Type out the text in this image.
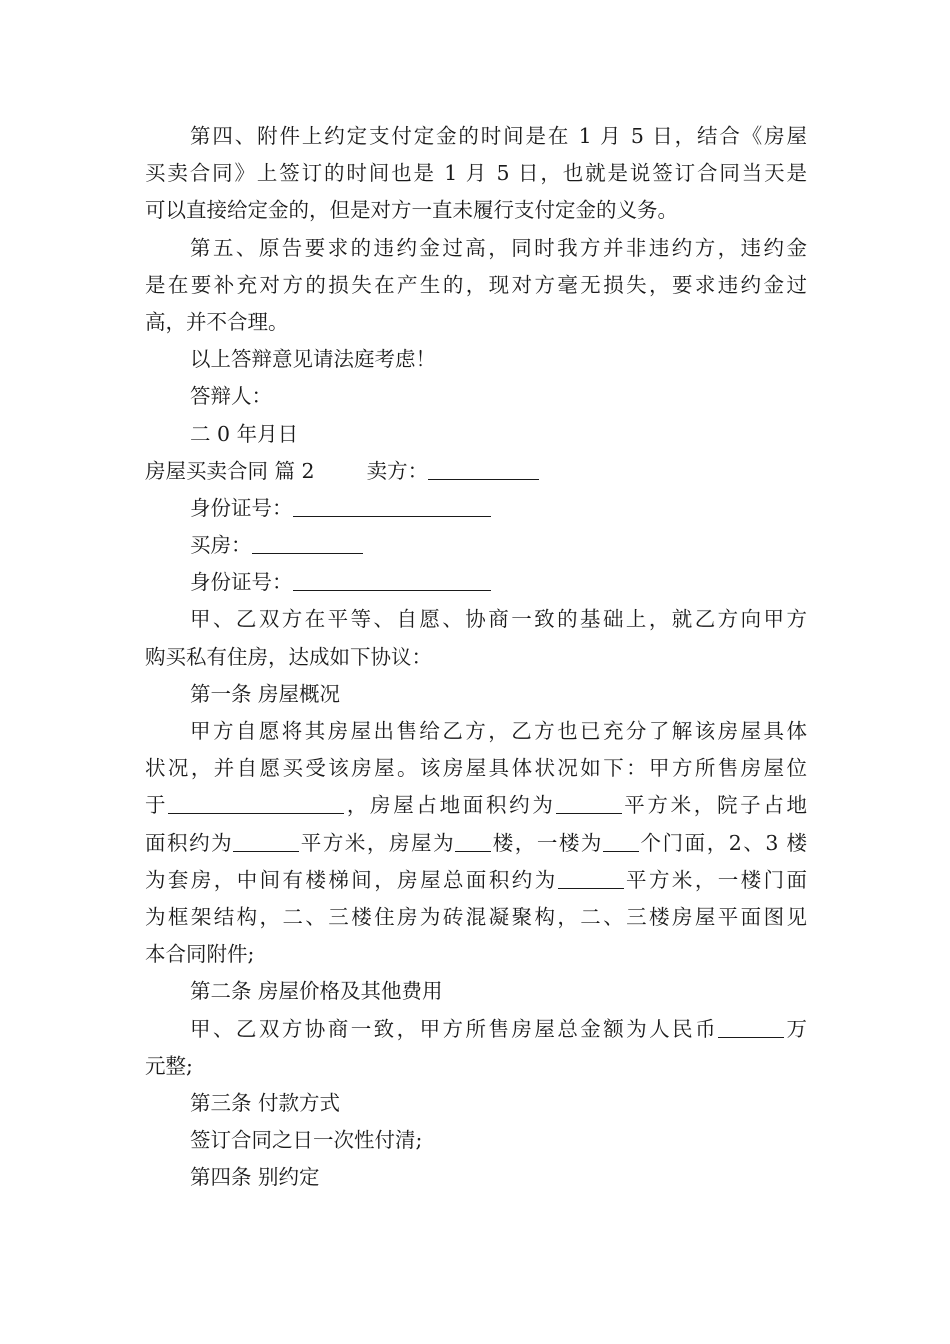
第四、附件上约定支付定金的时间是在 1 月 5 日，结合《房屋
买卖合同》上签订的时间也是 1 月 5 日，也就是说签订合同当天是
可以直接给定金的，但是对方一直未履行支付定金的义务。
第五、原告要求的违约金过高，同时我方并非违约方，违约金
是在要补充对方的损失在产生的，现对方毫无损失，要求违约金过
高，并不合理。
以上答辩意见请法庭考虑！
答辩人：
二 0 年月日
房屋买卖合同 篇 2	卖方：
身份证号：
买房：
身份证号：
甲、乙双方在平等、自愿、协商一致的基础上，就乙方向甲方
购买私有住房，达成如下协议：
第一条 房屋概况
甲方自愿将其房屋出售给乙方，乙方也已充分了解该房屋具体
状况，并自愿买受该房屋。该房屋具体状况如下：甲方所售房屋位
于	，房屋占地面积约为	平方米，院子占地
面积约为	平方米，房屋为 楼，一楼为 个门面，2、3 楼
为套房，中间有楼梯间，房屋总面积约为	平方米，一楼门面
为框架结构，二、三楼住房为砖混凝聚构，二、三楼房屋平面图见
本合同附件;
第二条 房屋价格及其他费用
甲、乙双方协商一致，甲方所售房屋总金额为人民币	万
元整;
第三条 付款方式
签订合同之日一次性付清;
第四条 别约定
